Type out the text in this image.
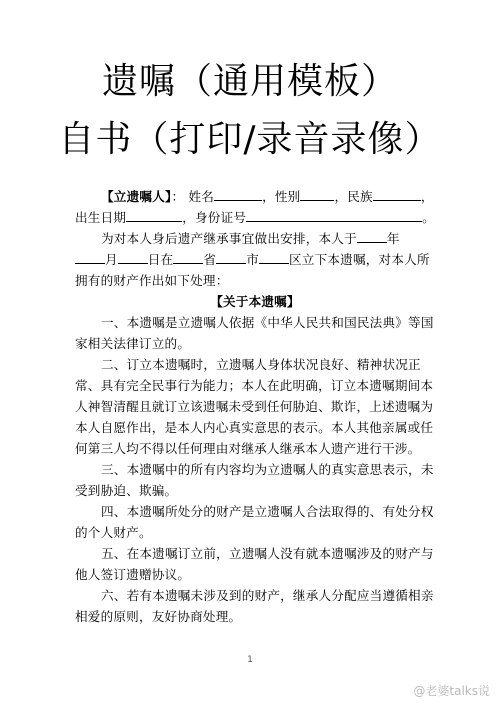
遗嘱（通用模板）
自书（打印/录音录像）
【立遗嘱人】： 姓名	，性别	，民族	，
出生日期	，身份证号	。
为对本人身后遗产继承事宜做出安排，本人于 年
月 日在 省 市 区立下本遗嘱，对本人所拥有的财产作出如下处理：
【关于本遗嘱】
一、本遗嘱是立遗嘱人依据《中华人民共和国民法典》等国家相关法律订立的。
二、订立本遗嘱时，立遗嘱人身体状况良好、精神状况正常、具有完全民事行为能力；本人在此明确，订立本遗嘱期间本人神智清醒且就订立该遗嘱未受到任何胁迫、欺诈，上述遗嘱为本人自愿作出，是本人内心真实意思的表示。本人其他亲属或任何第三人均不得以任何理由对继承人继承本人遗产进行干涉。
三、本遗嘱中的所有内容均为立遗嘱人的真实意思表示，未受到胁迫、欺骗。
四、本遗嘱所处分的财产是立遗嘱人合法取得的、有处分权的个人财产。
五、在本遗嘱订立前，立遗嘱人没有就本遗嘱涉及的财产与他人签订遗赠协议。
六、若有本遗嘱未涉及到的财产，继承人分配应当遵循相亲相爱的原则，友好协商处理。
1
@老婆talks说
